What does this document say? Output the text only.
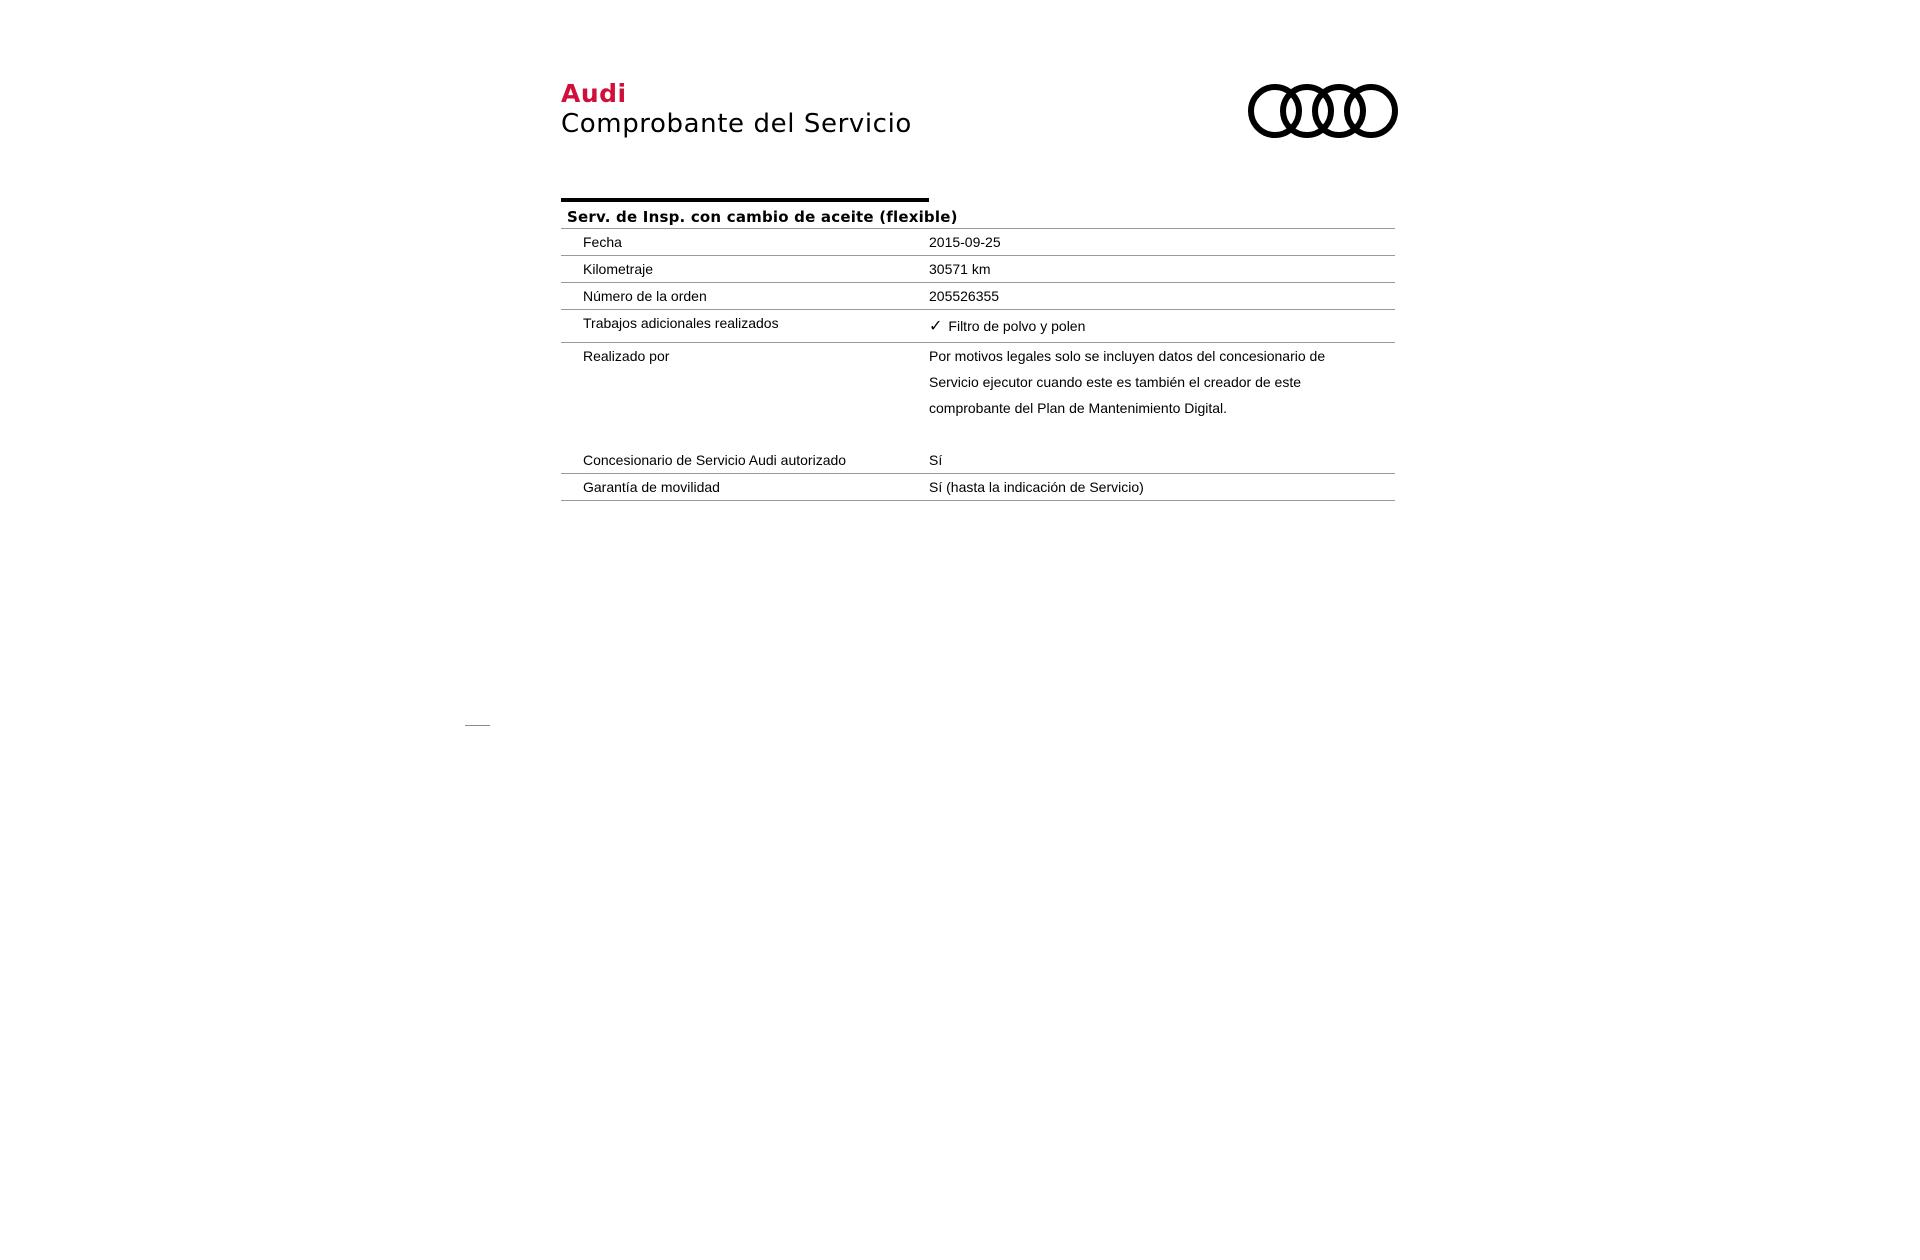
Audi
Comprobante del Servicio
Serv. de Insp. con cambio de aceite (flexible)
Fecha	2015-09-25
Kilometraje	30571 km
Número de la orden	205526355
Trabajos adicionales realizados	✓ Filtro de polvo y polen
Realizado por	Por motivos legales solo se incluyen datos del concesionario de Servicio ejecutor cuando este es también el creador de este comprobante del Plan de Mantenimiento Digital.
Concesionario de Servicio Audi autorizado	Sí
Garantía de movilidad	Sí (hasta la indicación de Servicio)
